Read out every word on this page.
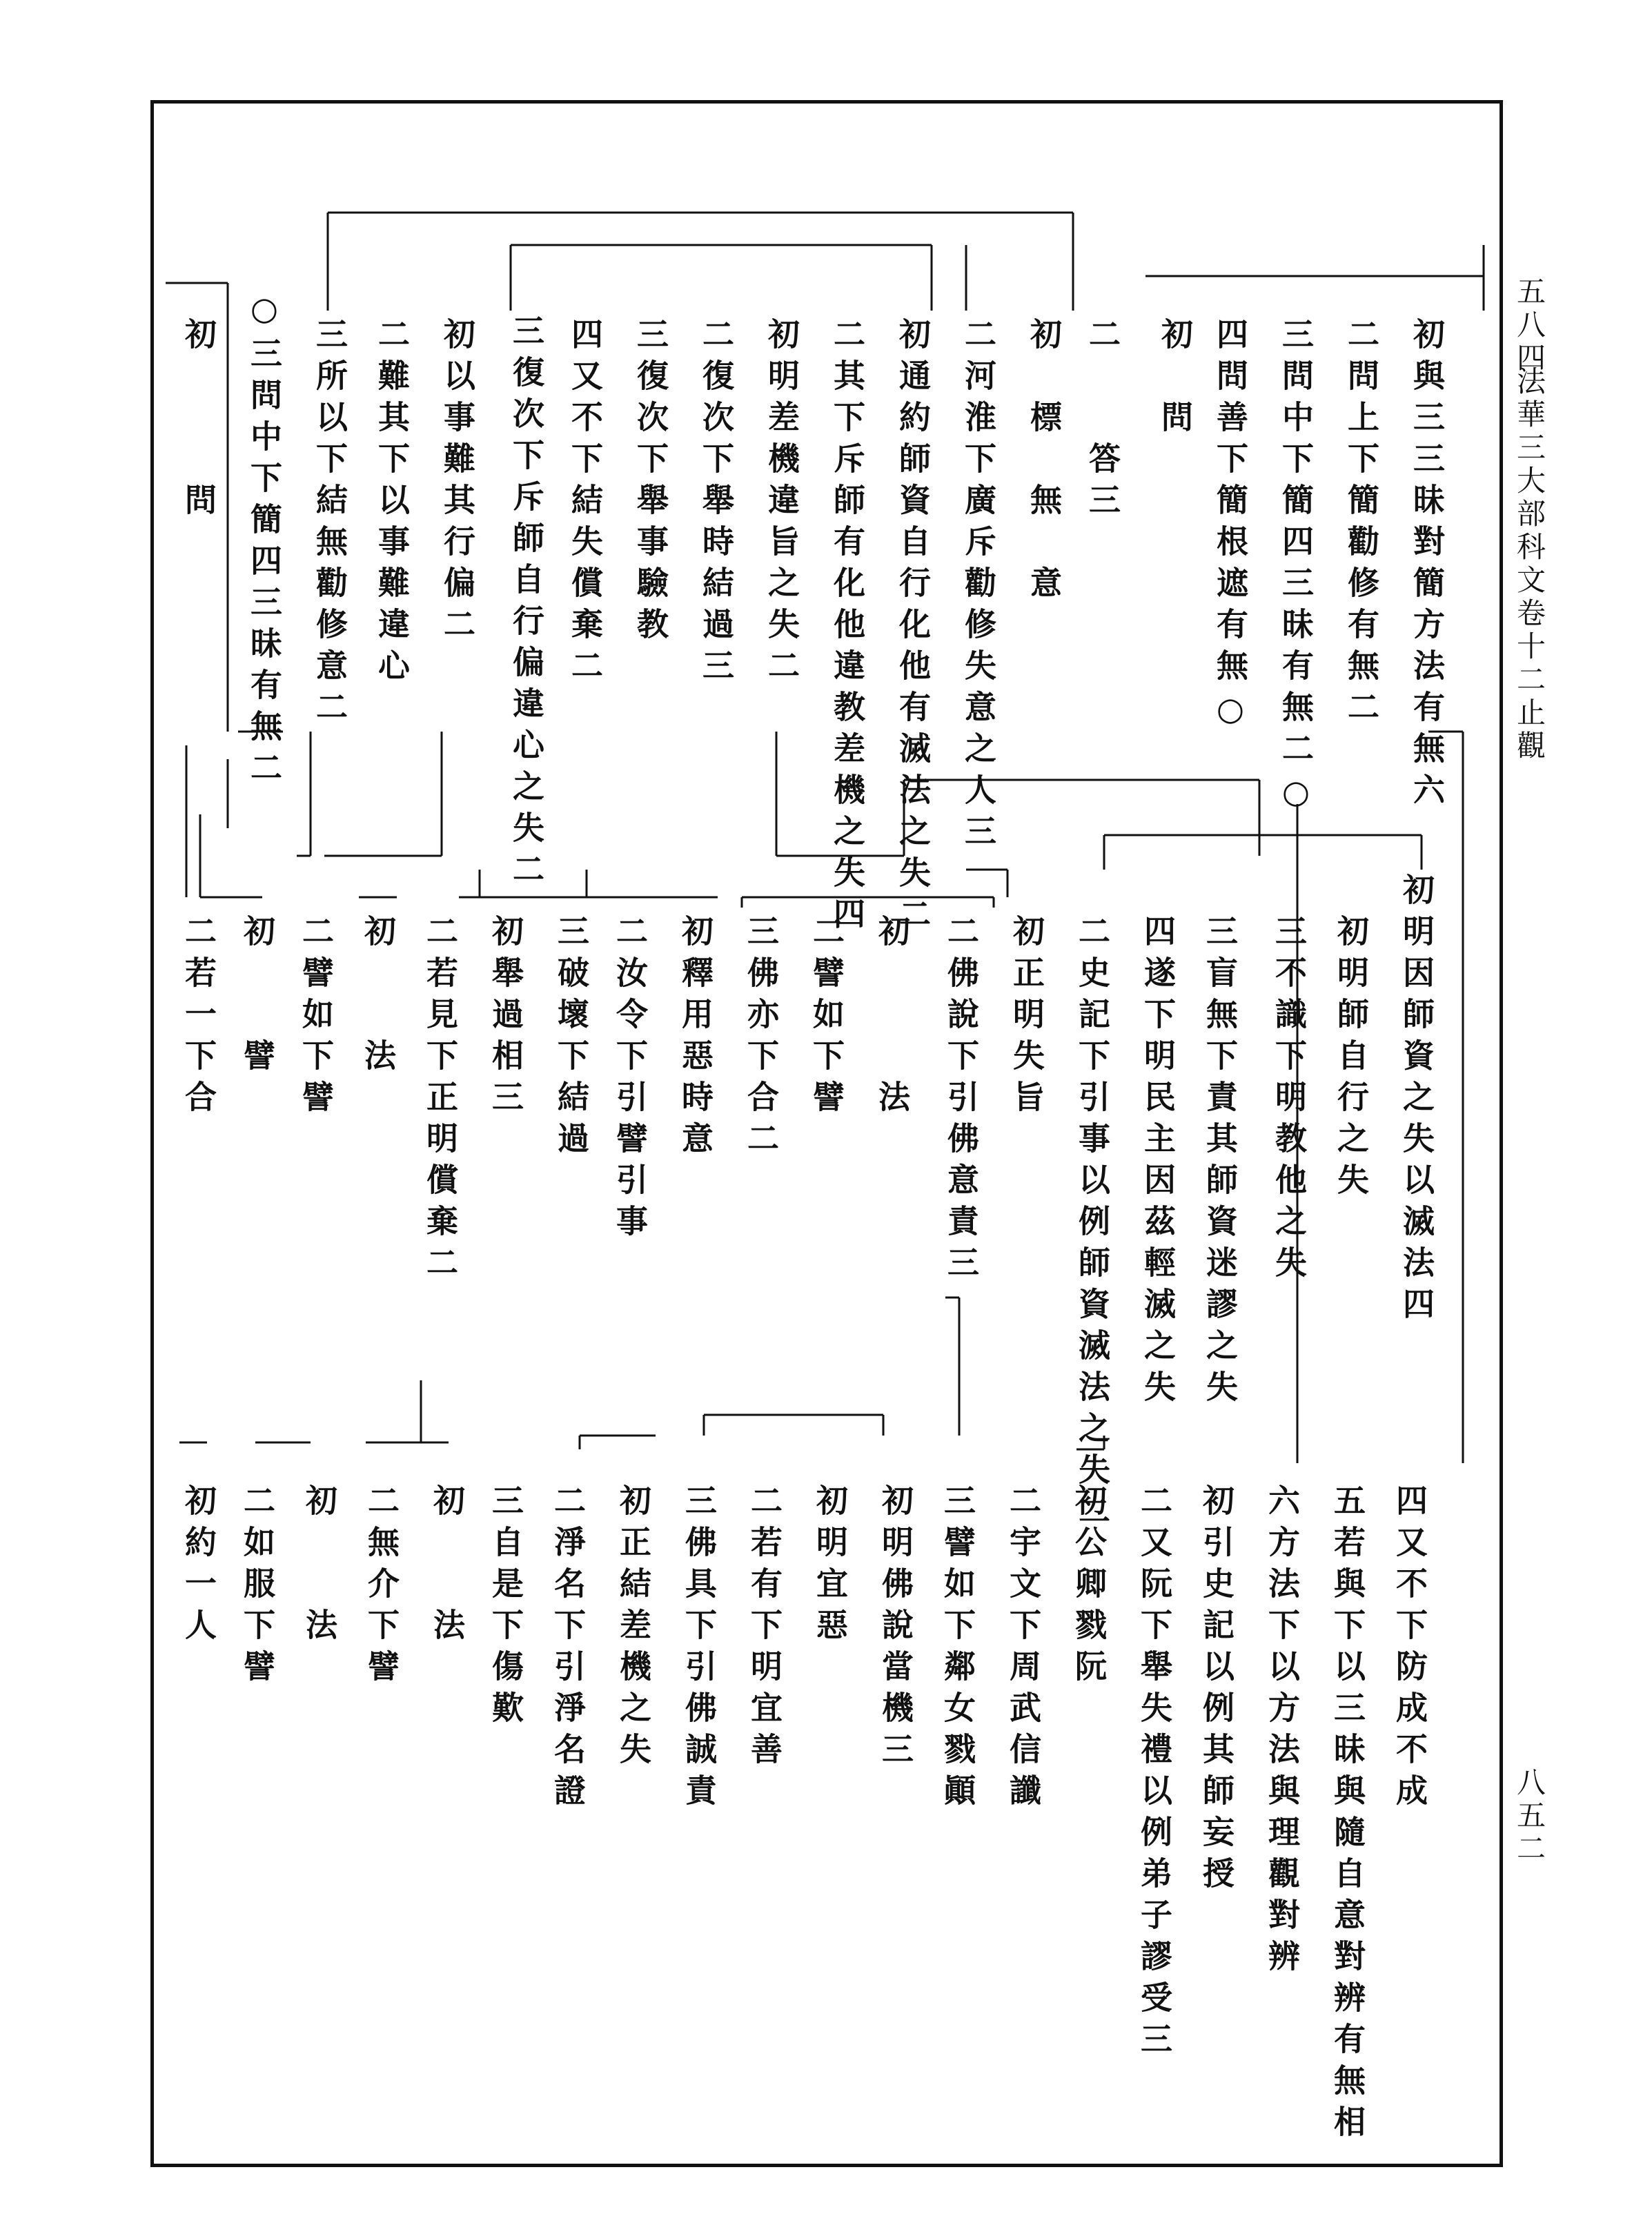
五八四
法華三大部科文卷十二止觀
八五二
初與三三昧對簡方法有無六
二問上下簡勸修有無二
三問中下簡四三昧有無二○
四問善下簡根遮有無○
初　問
二　　答三
初　標　無　意
二河淮下廣斥勸修失意之人三
初通約師資自行化他有滅法之失二
二其下斥師有化他違教差機之失四
初明差機違旨之失二
二復次下舉時結過三
三復次下舉事驗教
四又不下結失償棄二
三復次下斥師自行偏違心之失二
初以事難其行偏二
二難其下以事難違心
三所以下結無勸修意二
○三問中下簡四三昧有無二
初　　　問
初明因師資之失以滅法四
初明師自行之失
三不識下明教他之失
三盲無下責其師資迷謬之失
四遂下明民主因茲輕滅之失
二史記下引事以例師資滅法之失二
初正明失旨
二佛說下引佛意責三
初　　　法
二譬如下譬
三佛亦下合二
初釋用惡時意
二汝令下引譬引事
三破壞下結過
初舉過相三
二若見下正明償棄二
初　　法
二譬如下譬
初　　譬
二若一下合
四又不下防成不成
五若與下以三昧與隨自意對辨有無相
六方法下以方法與理觀對辨
初引史記以例其師妄授
二又阮下舉失禮以例弟子謬受三
初公卿戮阮
二宇文下周武信讖
三譬如下鄰女戮顚
初明佛說當機三
初明宜惡
二若有下明宜善
三佛具下引佛誠責
初正結差機之失
二淨名下引淨名證
三自是下傷歎
初　　法
二無介下譬
初　　法
二如服下譬
初約一人
